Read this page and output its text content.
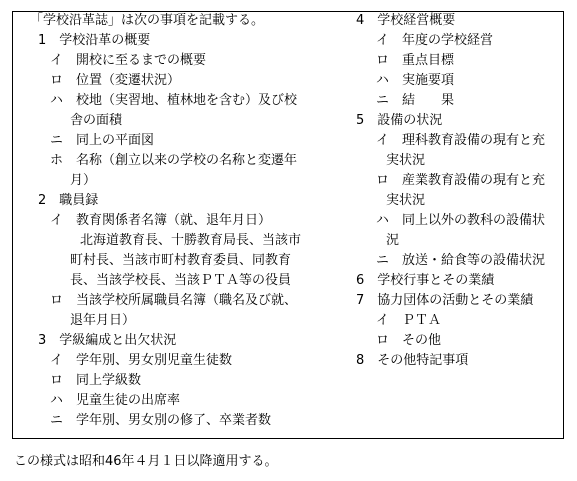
「学校沿革誌」は次の事項を記載する。
1　学校沿革の概要
イ　開校に至るまでの概要
ロ　位置（変遷状況）
ハ　校地（実習地、植林地を含む）及び校
舎の面積
ニ　同上の平面図
ホ　名称（創立以来の学校の名称と変遷年
月）
2　職員録
イ　教育関係者名簿（就、退年月日）
北海道教育長、十勝教育局長、当該市
町村長、当該市町村教育委員、同教育
長、当該学校長、当該ＰＴＡ等の役員
ロ　当該学校所属職員名簿（職名及び就、
退年月日）
3　学級編成と出欠状況
イ　学年別、男女別児童生徒数
ロ　同上学級数
ハ　児童生徒の出席率
ニ　学年別、男女別の修了、卒業者数
4　学校経営概要
イ　年度の学校経営
ロ　重点目標
ハ　実施要項
ニ　結　　果
5　設備の状況
イ　理科教育設備の現有と充
実状況
ロ　産業教育設備の現有と充
実状況
ハ　同上以外の教科の設備状
況
ニ　放送・給食等の設備状況
6　学校行事とその業績
7　協力団体の活動とその業績
イ　ＰＴＡ
ロ　その他
8　その他特記事項
この様式は昭和46年４月１日以降適用する。
